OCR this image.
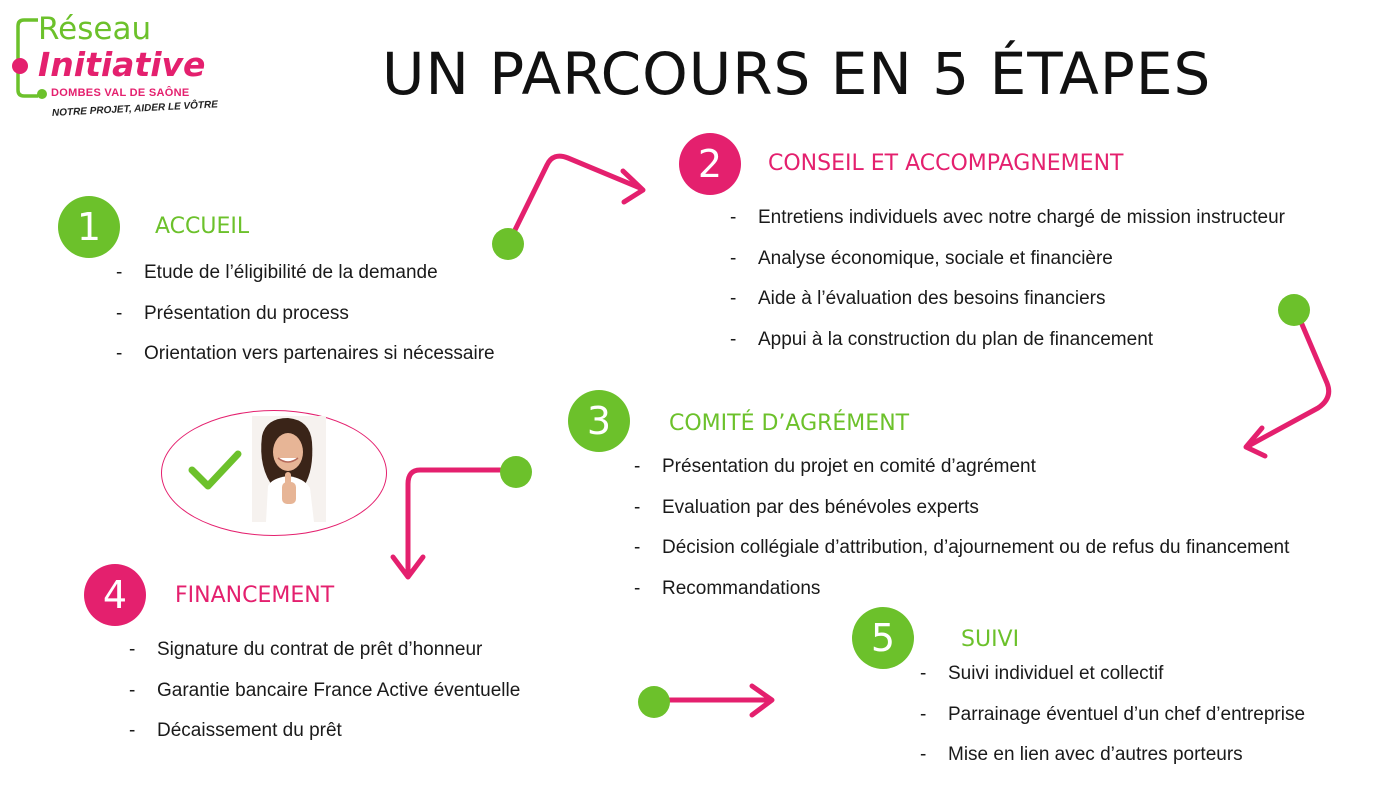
Réseau
Initiative
DOMBES VAL DE SAÔNE
NOTRE PROJET, AIDER LE VÔTRE
UN PARCOURS EN 5 ÉTAPES
1	ACCUEIL
- Etude de l’éligibilité de la demande
- Présentation du process
- Orientation vers partenaires si nécessaire
2	CONSEIL ET ACCOMPAGNEMENT
- Entretiens individuels avec notre chargé de mission instructeur
- Analyse économique, sociale et financière
- Aide à l’évaluation des besoins financiers
- Appui à la construction du plan de financement
3	COMITÉ D’AGRÉMENT
- Présentation du projet en comité d’agrément
- Evaluation par des bénévoles experts
- Décision collégiale d’attribution, d’ajournement ou de refus du financement
- Recommandations
4	FINANCEMENT
- Signature du contrat de prêt d’honneur
- Garantie bancaire France Active éventuelle
- Décaissement du prêt
5	SUIVI
- Suivi individuel et collectif
- Parrainage éventuel d’un chef d’entreprise
- Mise en lien avec d’autres porteurs
